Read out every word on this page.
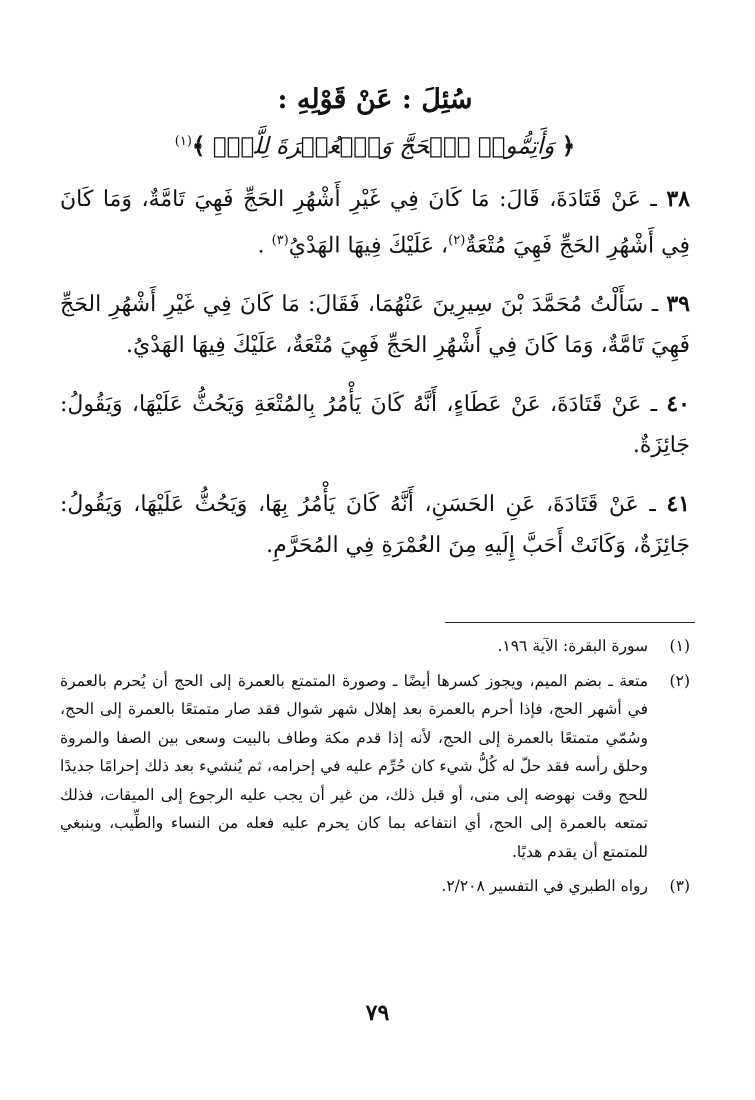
سُئِلَ : عَنْ قَوْلِهِ :

﴿ وَأَتِمُّوا۟ ٱلۡحَجَّ وَٱلۡعُمۡرَةَ لِلَّهِۚ ﴾$^{(١)}$

٣٨ ـ عَنْ قَتَادَةَ، قَالَ: مَا كَانَ فِي غَيْرِ أَشْهُرِ الحَجِّ فَهِيَ تَامَّةٌ، وَمَا كَانَ فِي أَشْهُرِ الحَجِّ فَهِيَ مُتْعَةٌ$^{(٢)}$، عَلَيْكَ فِيهَا الهَدْيُ$^{(٣)}$ .

٣٩ ـ سَأَلْتُ مُحَمَّدَ بْنَ سِيرِينَ عَنْهُمَا، فَقَالَ: مَا كَانَ فِي غَيْرِ أَشْهُرِ الحَجِّ فَهِيَ تَامَّةٌ، وَمَا كَانَ فِي أَشْهُرِ الحَجِّ فَهِيَ مُتْعَةٌ، عَلَيْكَ فِيهَا الهَدْيُ.

٤٠ ـ عَنْ قَتَادَةَ، عَنْ عَطَاءٍ، أَنَّهُ كَانَ يَأْمُرُ بِالمُتْعَةِ وَيَحُثُّ عَلَيْهَا، وَيَقُولُ: جَائِزَةٌ.

٤١ ـ عَنْ قَتَادَةَ، عَنِ الحَسَنِ، أَنَّهُ كَانَ يَأْمُرُ بِهَا، وَيَحُثُّ عَلَيْهَا، وَيَقُولُ: جَائِزَةٌ، وَكَانَتْ أَحَبَّ إِلَيهِ مِنَ العُمْرَةِ فِي المُحَرَّمِ.

(١)
سورة البقرة: الآية ١٩٦.
(٢)
متعة ـ بضم الميم، ويجوز كسرها أيضًا ـ وصورة المتمتع بالعمرة إلى الحج أن يُحرم بالعمرة في أشهر الحج، فإذا أحرم بالعمرة بعد إهلال شهر شوال فقد صار متمتعًا بالعمرة إلى الحج، وسُمّي متمتعًا بالعمرة إلى الحج، لأنه إذا قدم مكة وطاف بالبيت وسعى بين الصفا والمروة وحلق رأسه فقد حلّ له كُلُّ شيء كان حُرِّم عليه في إحرامه، ثم يُنشيء بعد ذلك إحرامًا جديدًا للحج وقت نهوضه إلى منى، أو قبل ذلك، من غير أن يجب عليه الرجوع إلى الميقات، فذلك تمتعه بالعمرة إلى الحج، أي انتفاعه بما كان يحرم عليه فعله من النساء والطِّيب، وينبغي للمتمتع أن يقدم هديًا.
(٣)
رواه الطبري في التفسير ٢/٢٠٨.
٧٩
